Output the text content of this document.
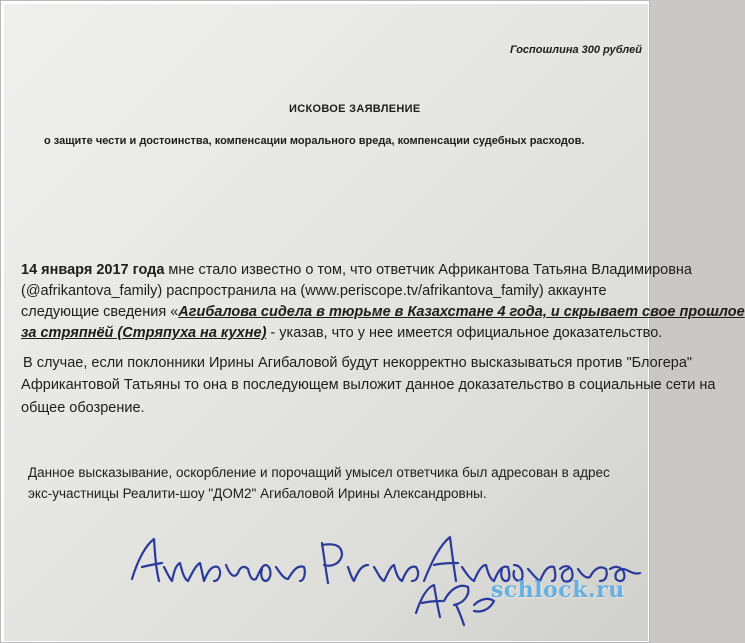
Госпошлина 300 рублей
ИСКОВОЕ ЗАЯВЛЕНИЕ
о защите чести и достоинства, компенсации морального вреда, компенсации судебных расходов.
14 января 2017 года мне стало известно о том, что ответчик Африкантова Татьяна Владимировна
(@afrikantova_family) распространила на (www.periscope.tv/afrikantova_family) аккаунте
следующие сведения «Агибалова сидела в тюрьме в Казахстане 4 года, и скрывает свое прошлое
за стряпнёй (Стряпуха на кухне) - указав, что у нее имеется официальное доказательство.
В случае, если поклонники Ирины Агибаловой будут некорректно высказываться против "Блогера"
Африкантовой Татьяны то она в последующем выложит данное доказательство в социальные сети на
общее обозрение.
Данное высказывание, оскорбление и порочащий умысел ответчика был адресован в адрес
экс-участницы Реалити-шоу "ДОМ2" Агибаловой Ирины Александровны.
schlock.ru
